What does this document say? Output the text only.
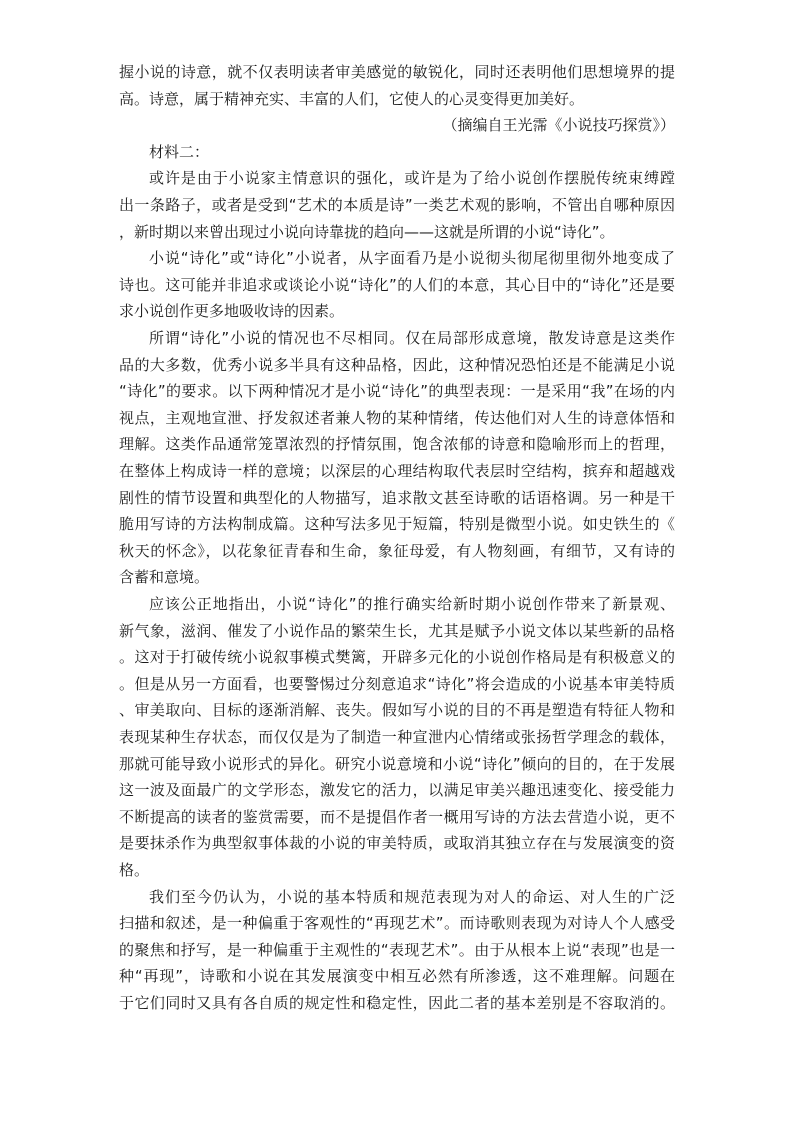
握小说的诗意，就不仅表明读者审美感觉的敏锐化，同时还表明他们思想境界的提
高。诗意，属于精神充实、丰富的人们，它使人的心灵变得更加美好。
（摘编自王光霈《小说技巧探赏》）
材料二：
或许是由于小说家主情意识的强化，或许是为了给小说创作摆脱传统束缚蹚
出一条路子，或者是受到“艺术的本质是诗”一类艺术观的影响，不管出自哪种原因
，新时期以来曾出现过小说向诗靠拢的趋向——这就是所谓的小说“诗化”。
小说“诗化”或“诗化”小说者，从字面看乃是小说彻头彻尾彻里彻外地变成了
诗也。这可能并非追求或谈论小说“诗化”的人们的本意，其心目中的“诗化”还是要
求小说创作更多地吸收诗的因素。
所谓“诗化”小说的情况也不尽相同。仅在局部形成意境，散发诗意是这类作
品的大多数，优秀小说多半具有这种品格，因此，这种情况恐怕还是不能满足小说
“诗化”的要求。以下两种情况才是小说“诗化”的典型表现：一是采用“我”在场的内
视点，主观地宣泄、抒发叙述者兼人物的某种情绪，传达他们对人生的诗意体悟和
理解。这类作品通常笼罩浓烈的抒情氛围，饱含浓郁的诗意和隐喻形而上的哲理，
在整体上构成诗一样的意境；以深层的心理结构取代表层时空结构，摈弃和超越戏
剧性的情节设置和典型化的人物描写，追求散文甚至诗歌的话语格调。另一种是干
脆用写诗的方法构制成篇。这种写法多见于短篇，特别是微型小说。如史铁生的《
秋天的怀念》，以花象征青春和生命，象征母爱，有人物刻画，有细节，又有诗的
含蓄和意境。
应该公正地指出，小说“诗化”的推行确实给新时期小说创作带来了新景观、
新气象，滋润、催发了小说作品的繁荣生长，尤其是赋予小说文体以某些新的品格
。这对于打破传统小说叙事模式樊篱，开辟多元化的小说创作格局是有积极意义的
。但是从另一方面看，也要警惕过分刻意追求“诗化”将会造成的小说基本审美特质
、审美取向、目标的逐渐消解、丧失。假如写小说的目的不再是塑造有特征人物和
表现某种生存状态，而仅仅是为了制造一种宣泄内心情绪或张扬哲学理念的载体，
那就可能导致小说形式的异化。研究小说意境和小说“诗化”倾向的目的，在于发展
这一波及面最广的文学形态，激发它的活力，以满足审美兴趣迅速变化、接受能力
不断提高的读者的鉴赏需要，而不是提倡作者一概用写诗的方法去营造小说，更不
是要抹杀作为典型叙事体裁的小说的审美特质，或取消其独立存在与发展演变的资
格。
我们至今仍认为，小说的基本特质和规范表现为对人的命运、对人生的广泛
扫描和叙述，是一种偏重于客观性的“再现艺术”。而诗歌则表现为对诗人个人感受
的聚焦和抒写，是一种偏重于主观性的“表现艺术”。由于从根本上说“表现”也是一
种“再现”，诗歌和小说在其发展演变中相互必然有所渗透，这不难理解。问题在
于它们同时又具有各自质的规定性和稳定性，因此二者的基本差别是不容取消的。
